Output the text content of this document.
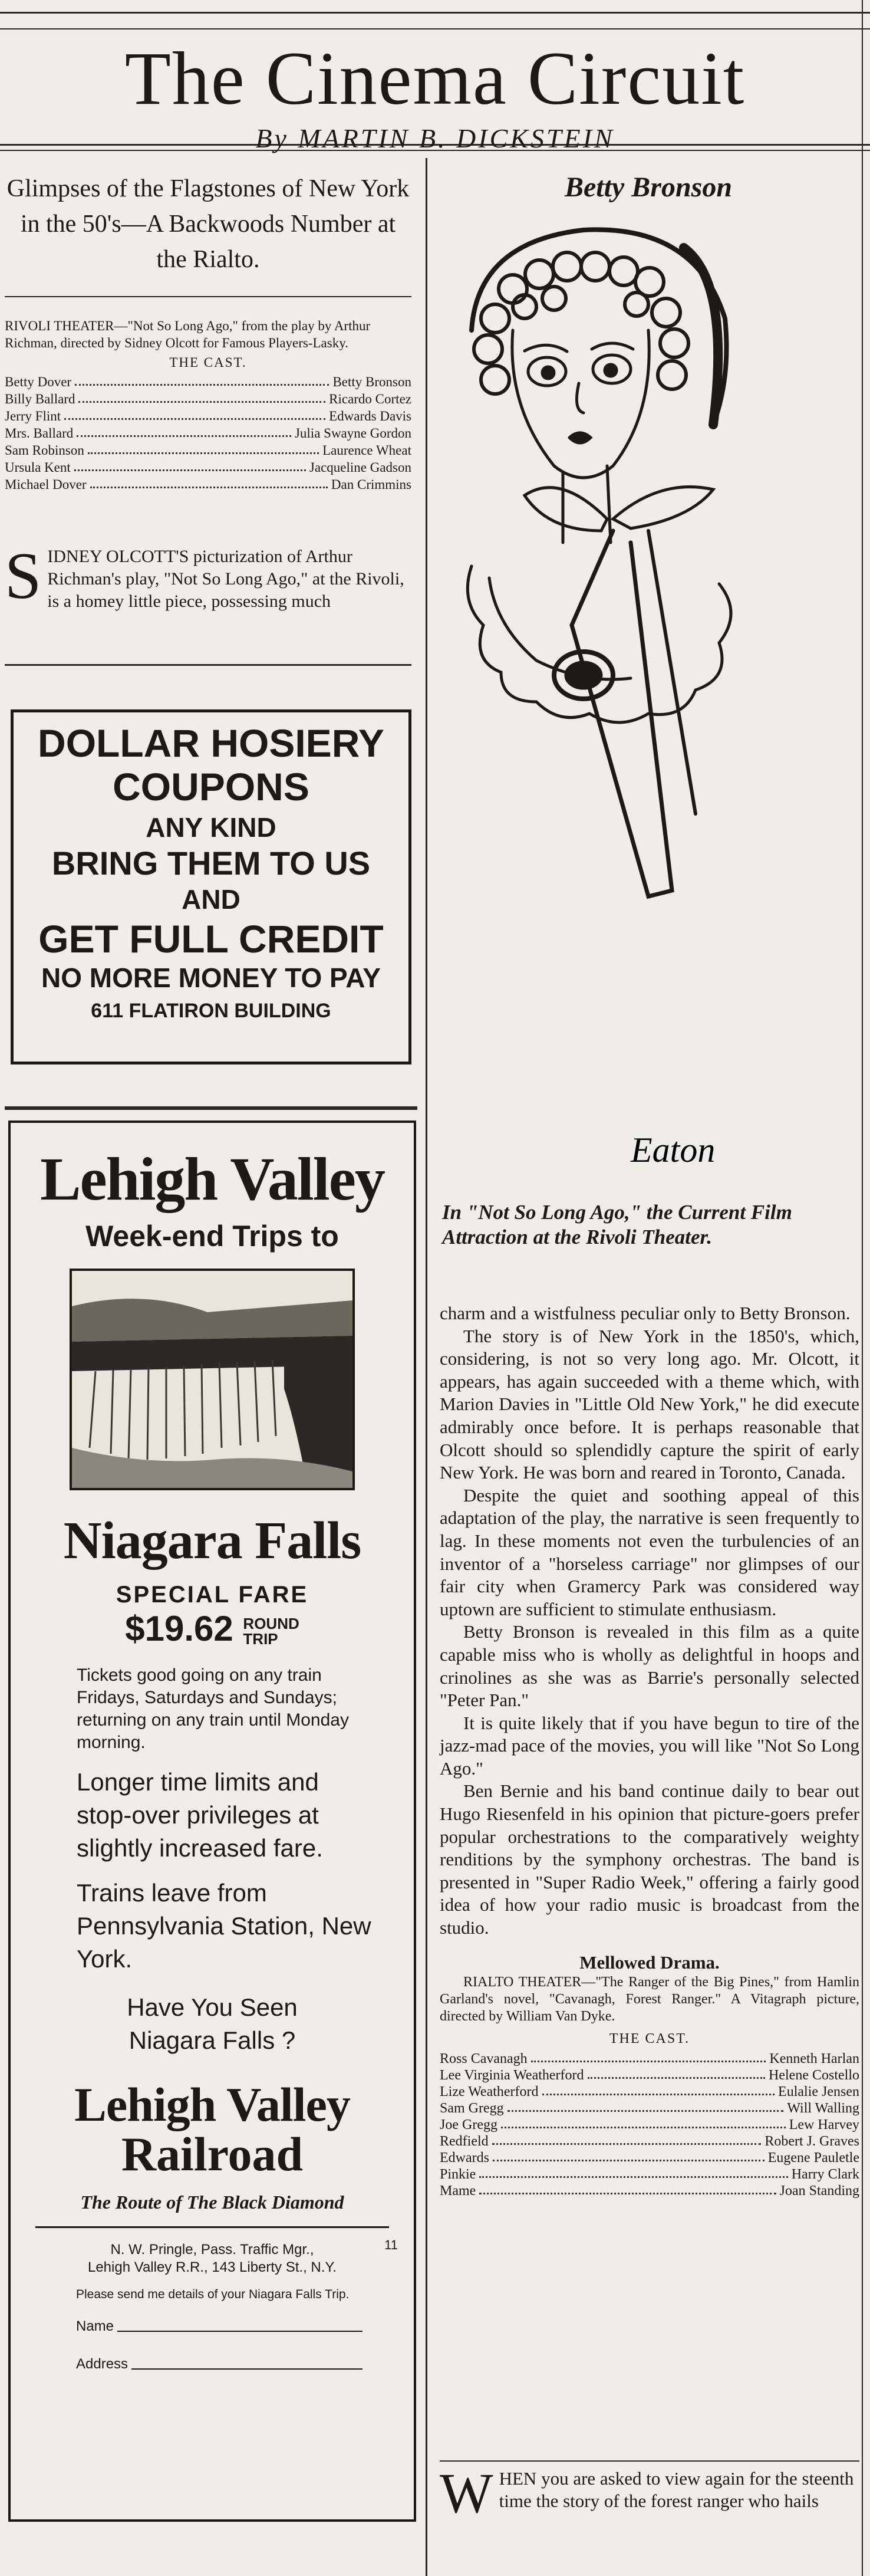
The Cinema Circuit
By MARTIN B. DICKSTEIN
Glimpses of the Flagstones of New York in the 50's—A Backwoods Number at the Rialto.
RIVOLI THEATER—"Not So Long Ago," from the play by Arthur Richman, directed by Sidney Olcott for Famous Players-Lasky.
THE CAST.
Betty Dover	Betty Bronson
Billy Ballard	Ricardo Cortez
Jerry Flint	Edwards Davis
Mrs. Ballard	Julia Swayne Gordon
Sam Robinson	Laurence Wheat
Ursula Kent	Jacqueline Gadson
Michael Dover	Dan Crimmins
S IDNEY OLCOTT'S picturization of Arthur Richman's play, "Not So Long Ago," at the Rivoli, is a homey little piece, possessing much
DOLLAR HOSIERY
COUPONS
ANY KIND
BRING THEM TO US
AND
GET FULL CREDIT
NO MORE MONEY TO PAY
611 FLATIRON BUILDING
Lehigh Valley
Week-end Trips to
Niagara Falls
SPECIAL FARE
$19.62 ROUND
TRIP
Tickets good going on any train Fridays, Saturdays and Sundays; returning on any train until Monday morning.
Longer time limits and stop-over privileges at slightly increased fare.
Trains leave from Pennsylvania Station, New York.
Have You Seen Niagara Falls ?
Lehigh Valley
Railroad
The Route of The Black Diamond
11
N. W. Pringle, Pass. Traffic Mgr.,
Lehigh Valley R.R., 143 Liberty St., N.Y.
Please send me details of your Niagara Falls Trip.
Name
Address
Betty Bronson
Eaton
In "Not So Long Ago," the Current Film Attraction at the Rivoli Theater.

charm and a wistfulness peculiar only to Betty Bronson.

The story is of New York in the 1850's, which, considering, is not so very long ago. Mr. Olcott, it appears, has again succeeded with a theme which, with Marion Davies in "Little Old New York," he did execute admirably once before. It is perhaps reasonable that Olcott should so splendidly capture the spirit of early New York. He was born and reared in Toronto, Canada.

Despite the quiet and soothing appeal of this adaptation of the play, the narrative is seen frequently to lag. In these moments not even the turbulencies of an inventor of a "horseless carriage" nor glimpses of our fair city when Gramercy Park was considered way uptown are sufficient to stimulate enthusiasm.

Betty Bronson is revealed in this film as a quite capable miss who is wholly as delightful in hoops and crinolines as she was as Barrie's personally selected "Peter Pan."

It is quite likely that if you have begun to tire of the jazz-mad pace of the movies, you will like "Not So Long Ago."

Ben Bernie and his band continue daily to bear out Hugo Riesenfeld in his opinion that picture-goers prefer popular orchestrations to the comparatively weighty renditions by the symphony orchestras. The band is presented in "Super Radio Week," offering a fairly good idea of how your radio music is broadcast from the studio.

Mellowed Drama.

RIALTO THEATER—"The Ranger of the Big Pines," from Hamlin Garland's novel, "Cavanagh, Forest Ranger." A Vitagraph picture, directed by William Van Dyke.

THE CAST.

Ross Cavanagh	Kenneth Harlan
Lee Virginia Weatherford	Helene Costello
Lize Weatherford	Eulalie Jensen
Sam Gregg	Will Walling
Joe Gregg	Lew Harvey
Redfield	Robert J. Graves
Edwards	Eugene Pauletle
Pinkie	Harry Clark
Mame	Joan Standing
W HEN you are asked to view again for the steenth time the story of the forest ranger who hails
